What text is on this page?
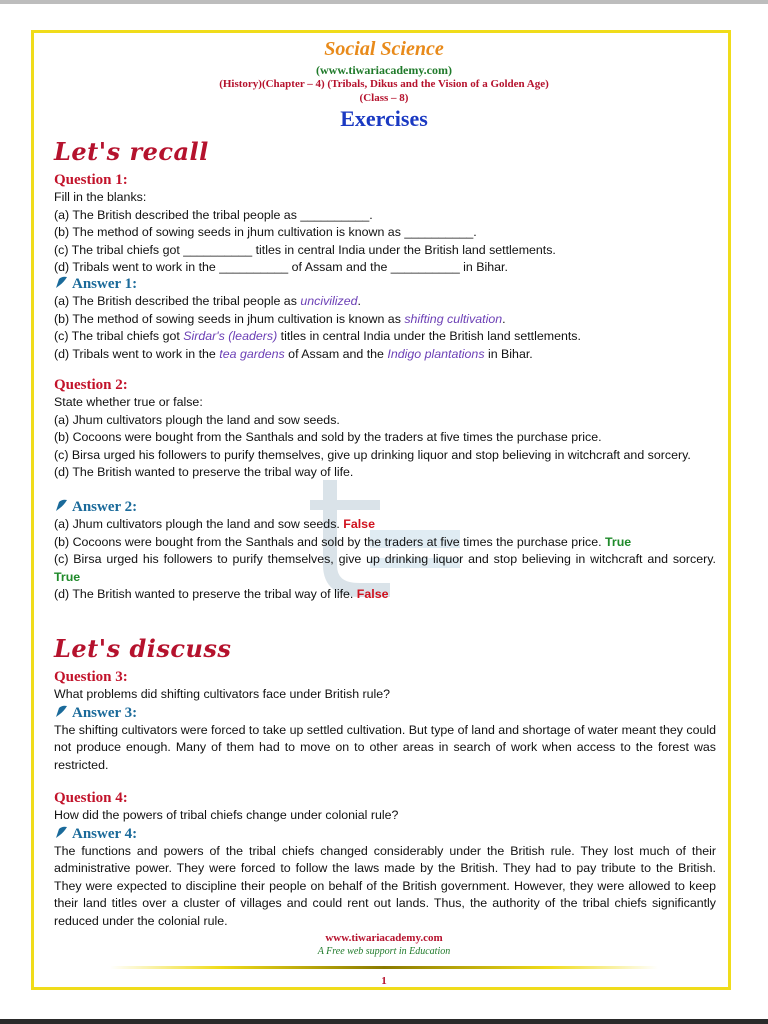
Social Science
(www.tiwariacademy.com)
(History)(Chapter – 4) (Tribals, Dikus and the Vision of a Golden Age)
(Class – 8)
Exercises
Let's recall
Question 1:
Fill in the blanks:
(a) The British described the tribal people as __________.
(b) The method of sowing seeds in jhum cultivation is known as __________.
(c) The tribal chiefs got __________ titles in central India under the British land settlements.
(d) Tribals went to work in the __________ of Assam and the __________ in Bihar.
Answer 1:
(a) The British described the tribal people as uncivilized.
(b) The method of sowing seeds in jhum cultivation is known as shifting cultivation.
(c) The tribal chiefs got Sirdar's (leaders) titles in central India under the British land settlements.
(d) Tribals went to work in the tea gardens of Assam and the Indigo plantations in Bihar.
Question 2:
State whether true or false:
(a) Jhum cultivators plough the land and sow seeds.
(b) Cocoons were bought from the Santhals and sold by the traders at five times the purchase price.
(c) Birsa urged his followers to purify themselves, give up drinking liquor and stop believing in witchcraft and sorcery.
(d) The British wanted to preserve the tribal way of life.
Answer 2:
(a) Jhum cultivators plough the land and sow seeds. False
(b) Cocoons were bought from the Santhals and sold by the traders at five times the purchase price. True
(c) Birsa urged his followers to purify themselves, give up drinking liquor and stop believing in witchcraft and sorcery. True
(d) The British wanted to preserve the tribal way of life. False
Let's discuss
Question 3:
What problems did shifting cultivators face under British rule?
Answer 3:
The shifting cultivators were forced to take up settled cultivation. But type of land and shortage of water meant they could not produce enough. Many of them had to move on to other areas in search of work when access to the forest was restricted.
Question 4:
How did the powers of tribal chiefs change under colonial rule?
Answer 4:
The functions and powers of the tribal chiefs changed considerably under the British rule. They lost much of their administrative power. They were forced to follow the laws made by the British. They had to pay tribute to the British. They were expected to discipline their people on behalf of the British government. However, they were allowed to keep their land titles over a cluster of villages and could rent out lands. Thus, the authority of the tribal chiefs significantly reduced under the colonial rule.
www.tiwariacademy.com
A Free web support in Education
1
